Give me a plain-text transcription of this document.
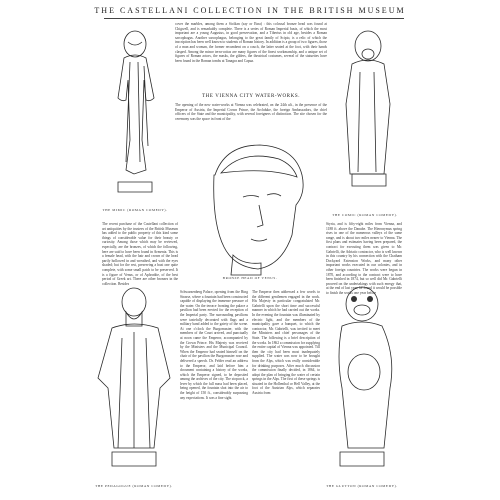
THE CASTELLANI COLLECTION IN THE BRITISH MUSEUM
THE MIMIC (ROMAN COMEDY).
THE COMIC (ROMAN COMEDY).

cover the marbles, among them a Sicilian (say or Etna) : this colossal bronze head was found at Chigwell, and is remarkably complete. There is a series of Roman Imperial busts, of which the most important are a young Augustus, in good preservation, and a Tiberius in old age, besides a Roman sarcophagus. Another sarcophagus, belonging to the great family of Scipio, is a relic of which the inscription has been well known to students of Roman history. In addition is a group of two figures, those of a man and woman, the former recumbent on a couch, the latter seated at the foot, with their hands clasped. Among the minor terra-cottas are many figures of the finest workmanship, and a unique set of figures of Roman actors, the masks, the gilders, the theatrical costumes, several of the statuettes have been found in the Roman tombs at Tanagra and Capua.

THE VIENNA CITY WATER-WORKS.

The opening of the new water-works at Vienna was celebrated, on the 24th ult., in the presence of the Emperor of Austria, the Imperial Crown Prince, the Archduke, the foreign Ambassadors, the chief officers of the State and the municipality, with several foreigners of distinction. The site chosen for the ceremony was the space in front of the

The recent purchase of the Castellani collection of art antiquities by the trustees of the British Museum has added to the public property of this kind some things of considerable value for their beauty or curiosity. Among those which may be reviewed, especially, are the bronzes, of which the following, here are said to have been found in Armenia. This is a female head, with the hair and crown of the head partly hollowed in and wreathed, and with the eyes shaded; but for the rest, preserving a bust one quite complete, with some small patch to be preserved. It is a figure of Venus, or of Aphrodite, of the best period of Greek art. There are other bronzes in the collection. Besides

Styria, and is fifty-eight miles from Vienna, and 1188 ft. above the Danube. The Hieronymus spring rises in one of the numerous valleys of the same range, and is about two miles nearer to Vienna. The first plans and estimates having been prepared, the contract for executing them was given to Mr. Gabrielli, the Adriatic contractor, who is well known in this country by his connection with the Chatham Dockyard Extension Works, and many other important works executed in our colonies, and in other foreign countries. The works were begun in 1870, and according to the contract were to have been finished in 1874, but so well did Mr. Gabrielli proceed on the undertakings with such energy that, at the end of last year, he found it would be possible to finish the works one year before

BRONZE HEAD OF VENUS.
THE PEDAGOGUE (ROMAN COMEDY).	THE GLUTTON (ROMAN COMEDY).

Schwarzenberg Palace, opening from the Ring Strasse, where a fountain had been constructed capable of displaying the immense pressure of the water. On the terrace fronting the palace a pavilion had been erected for the reception of the Imperial party. The surrounding pavilions were tastefully decorated with flags and a military band added to the gaiety of the scene. At one o'clock the Burgomaster, with the members of the Court arrived, and punctually at noon came the Emperor, accompanied by the Crown Prince. His Majesty was received by the Ministers and the Municipal Council. When the Emperor had seated himself on the chair of the pavilion the Burgomaster rose and delivered a speech. Dr. Felder read an address to the Emperor, and laid before him a document containing a history of the works, which the Emperor signed, to be deposited among the archives of the city. The stopcock, a lever by which the full mass had been placed, being opened, the fountain shot into the air to the height of 150 ft., considerably surpassing any expectations. It was a fine sight.

The Emperor then addressed a few words to the different gentlemen engaged in the work. His Majesty in particular congratulated Mr. Gabrielli upon the short time and successful manner in which he had carried out the works. In the evening the fountain was illuminated by electric light, and the members of the municipality gave a banquet, to which the contractor, Mr. Gabrielli, was invited to meet the Ministers and chief personages of the State. The following is a brief description of the works. In 1862 a commission for supplying the entire capital of Vienna was appointed. Till then the city had been most inadequately supplied. The water was now to be brought from the Alps, which was really considerable for drinking purposes. After much discussion the commission finally decided, in 1864, to adopt the plan of bringing the water of certain springs in the Alps. The first of these springs is situated in the Hollenthal or Hell Valley, at the foot of the Austrian Alps, which separates Austria from
